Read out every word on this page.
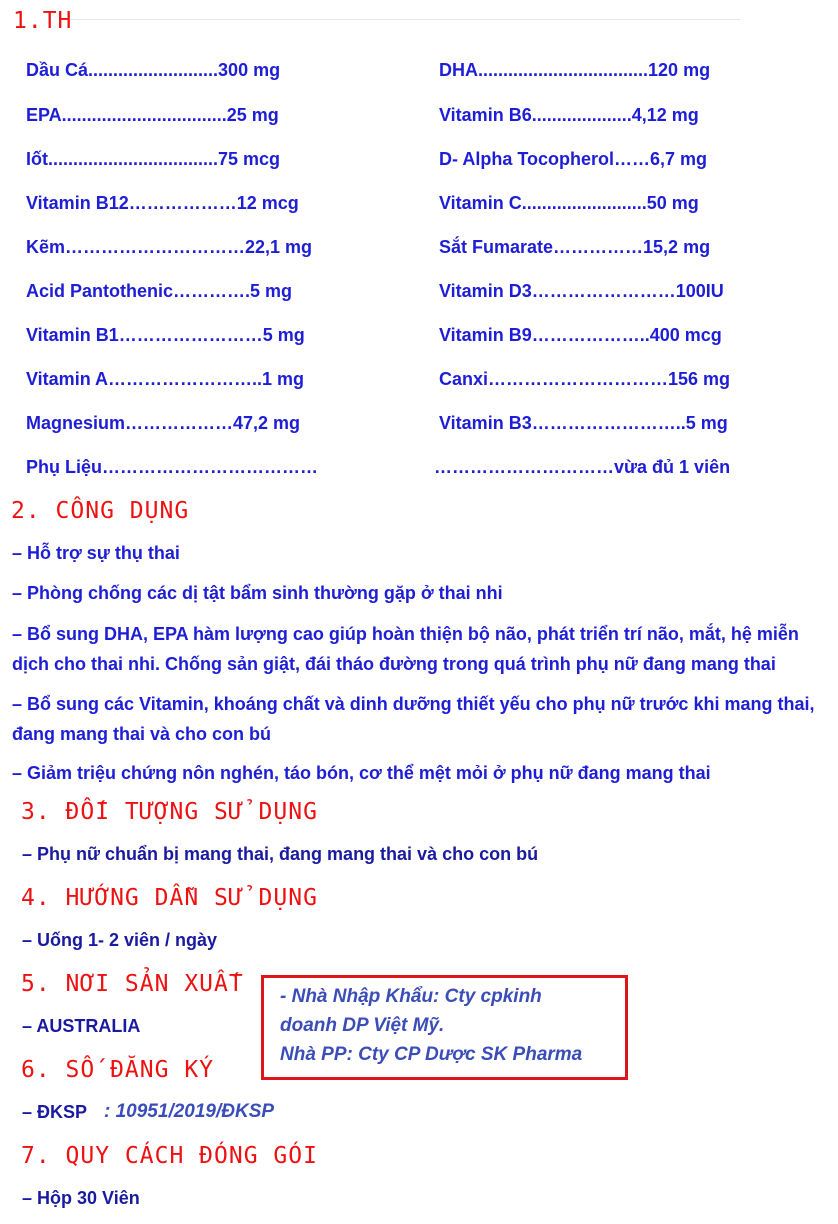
1.TH
Dầu Cá..........................300 mg	DHA..................................120 mg
EPA.................................25 mg	Vitamin B6....................4,12 mg
Iốt..................................75 mcg	D- Alpha Tocopherol……6,7 mg
Vitamin B12………………12 mcg	Vitamin C.........................50 mg
Kẽm…………………………22,1 mg	Sắt Fumarate……………15,2 mg
Acid Pantothenic………….5 mg	Vitamin D3……………………100IU
Vitamin B1……………………5 mg	Vitamin B9………………..400 mcg
Vitamin A……………………..1 mg	Canxi…………………………156 mg
Magnesium………………47,2 mg	Vitamin B3……………………..5 mg
Phụ Liệu………………………………	…………………………vừa đủ 1 viên
2. CÔNG DỤNG
– Hỗ trợ sự thụ thai
– Phòng chống các dị tật bẩm sinh thường gặp ở thai nhi
– Bổ sung DHA, EPA hàm lượng cao giúp hoàn thiện bộ não, phát triển trí não, mắt, hệ miễn dịch cho thai nhi. Chống sản giật, đái tháo đường trong quá trình phụ nữ đang mang thai
– Bổ sung các Vitamin, khoáng chất và dinh dưỡng thiết yếu cho phụ nữ trước khi mang thai, đang mang thai và cho con bú
– Giảm triệu chứng nôn nghén, táo bón, cơ thể mệt mỏi ở phụ nữ đang mang thai
3. ĐỐI TƯỢNG SỬ DỤNG
– Phụ nữ chuẩn bị mang thai, đang mang thai và cho con bú
4. HƯỚNG DẪN SỬ DỤNG
– Uống 1- 2 viên / ngày
5. NƠI SẢN XUẤT
– AUSTRALIA
- Nhà Nhập Khẩu: Cty cpkinh
doanh DP Việt Mỹ.
Nhà PP: Cty CP Dược SK Pharma
6. SỐ ĐĂNG KÝ
– ĐKSP : 10951/2019/ĐKSP
7. QUY CÁCH ĐÓNG GÓI
– Hộp 30 Viên
